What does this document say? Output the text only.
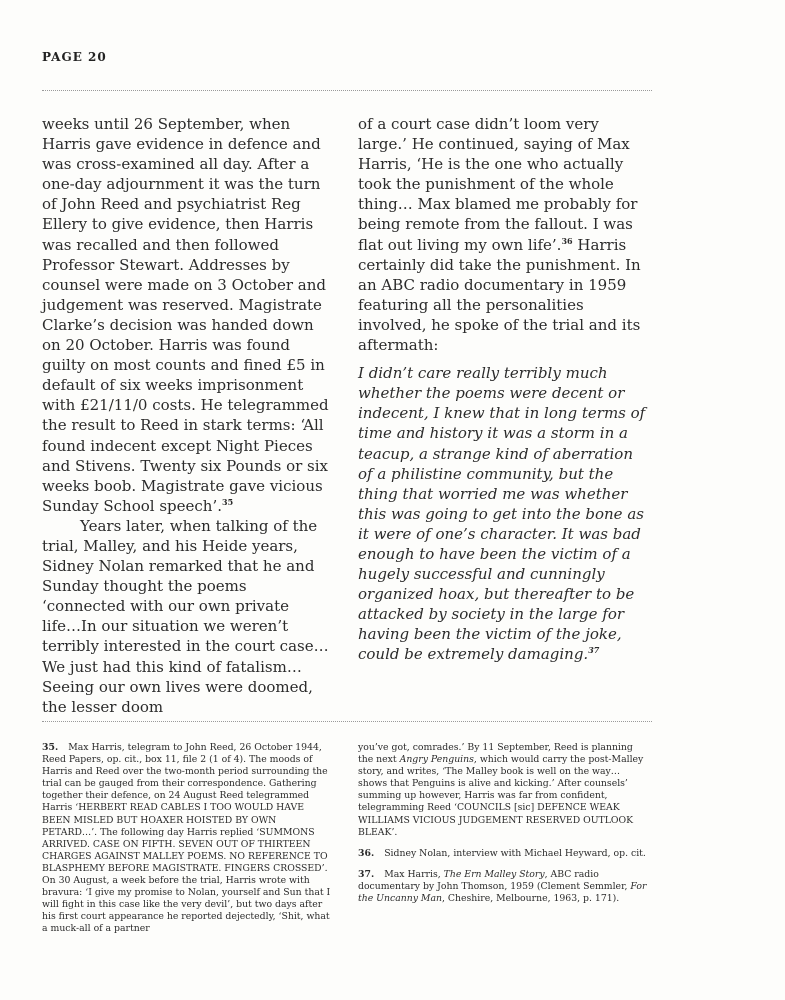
PAGE 20

weeks until 26 September, when Harris gave evidence in defence and was cross-examined all day. After a one-day adjournment it was the turn of John Reed and psychiatrist Reg Ellery to give evidence, then Harris was recalled and then followed Professor Stewart. Addresses by counsel were made on 3 October and judgement was reserved. Magistrate Clarke’s decision was handed down on 20 October. Harris was found guilty on most counts and fined £5 in default of six weeks imprisonment with £21/11/0 costs. He telegrammed the result to Reed in stark terms: ‘All found indecent except Night Pieces and Stivens. Twenty six Pounds or six weeks boob. Magistrate gave vicious Sunday School speech’.$^{35}$

Years later, when talking of the trial, Malley, and his Heide years, Sidney Nolan remarked that he and Sunday thought the poems ‘connected with our own private life…In our situation we weren’t terribly interested in the court case…We just had this kind of fatalism…Seeing our own lives were doomed, the lesser doom

of a court case didn’t loom very large.’ He continued, saying of Max Harris, ‘He is the one who actually took the punishment of the whole thing… Max blamed me probably for being remote from the fallout. I was flat out living my own life’.$^{36}$ Harris certainly did take the punishment. In an ABC radio documentary in 1959 featuring all the personalities involved, he spoke of the trial and its aftermath:

I didn’t care really terribly much whether the poems were decent or indecent, I knew that in long terms of time and history it was a storm in a teacup, a strange kind of aberration of a philistine community, but the thing that worried me was whether this was going to get into the bone as it were of one’s character. It was bad enough to have been the victim of a hugely successful and cunningly organized hoax, but thereafter to be attacked by society in the large for having been the victim of the joke, could be extremely damaging.$^{37}$

35. Max Harris, telegram to John Reed, 26 October 1944, Reed Papers, op. cit., box 11, file 2 (1 of 4). The moods of Harris and Reed over the two-month period surrounding the trial can be gauged from their correspondence. Gathering together their defence, on 24 August Reed telegrammed Harris ‘HERBERT READ CABLES I TOO WOULD HAVE BEEN MISLED BUT HOAXER HOISTED BY OWN PETARD…’. The following day Harris replied ‘SUMMONS ARRIVED. CASE ON FIFTH. SEVEN OUT OF THIRTEEN CHARGES AGAINST MALLEY POEMS. NO REFERENCE TO BLASPHEMY BEFORE MAGISTRATE. FINGERS CROSSED’. On 30 August, a week before the trial, Harris wrote with bravura: ‘I give my promise to Nolan, yourself and Sun that I will fight in this case like the very devil’, but two days after his first court appearance he reported dejectedly, ‘Shit, what a muck-all of a partner

you’ve got, comrades.’ By 11 September, Reed is planning the next Angry Penguins, which would carry the post-Malley story, and writes, ‘The Malley book is well on the way…shows that Penguins is alive and kicking.’ After counsels’ summing up however, Harris was far from confident, telegramming Reed ‘COUNCILS [sic] DEFENCE WEAK WILLIAMS VICIOUS JUDGEMENT RESERVED OUTLOOK BLEAK’.

36. Sidney Nolan, interview with Michael Heyward, op. cit.

37. Max Harris, The Ern Malley Story, ABC radio documentary by John Thomson, 1959 (Clement Semmler, For the Uncanny Man, Cheshire, Melbourne, 1963, p. 171).
